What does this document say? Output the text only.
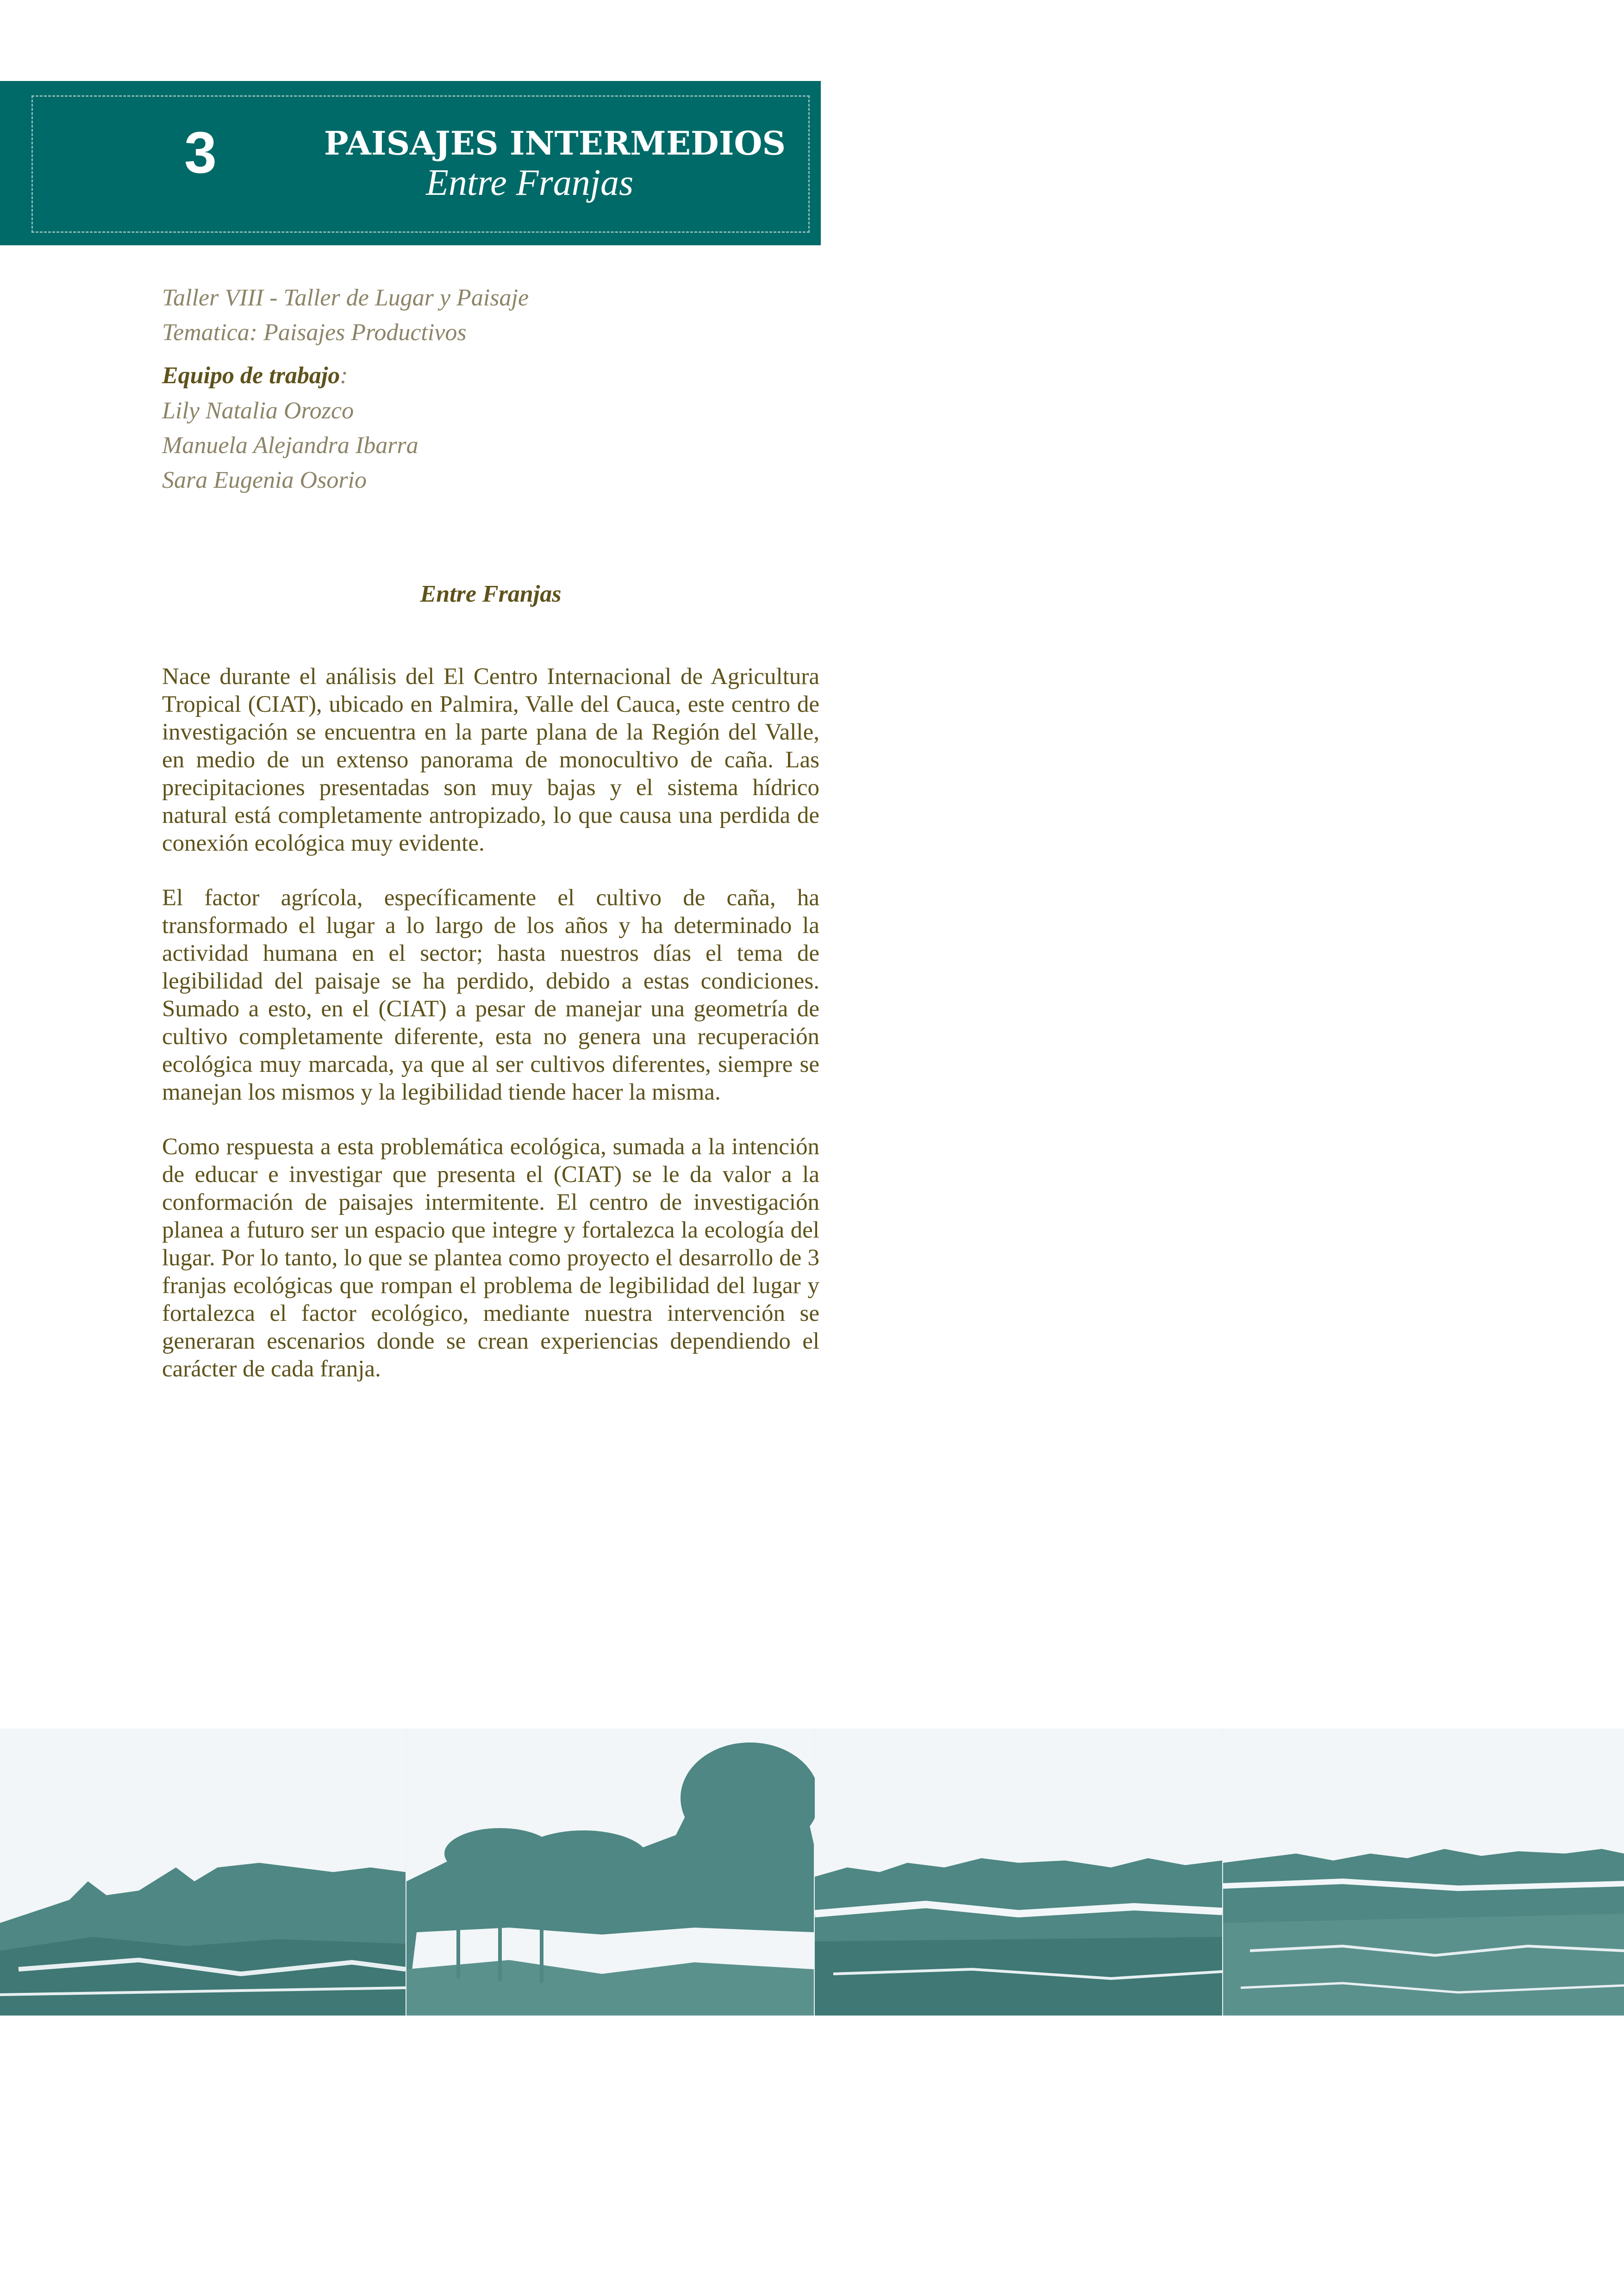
3	PAISAJES INTERMEDIOS
Entre Franjas
Taller VIII - Taller de Lugar y Paisaje
Tematica: Paisajes Productivos
Equipo de trabajo:
Lily Natalia Orozco
Manuela Alejandra Ibarra
Sara Eugenia Osorio
Entre Franjas

Nace durante el análisis del El Centro Internacional de Agricultura Tropical (CIAT), ubicado en Palmira, Valle del Cauca, este centro de investigación se encuentra en la parte plana de la Región del Valle, en medio de un extenso panorama de monocultivo de caña. Las precipitaciones presentadas son muy bajas y el sistema hídrico natural está completamente antropizado, lo que causa una perdida de conexión ecológica muy evidente.

El factor agrícola, específicamente el cultivo de caña, ha transformado el lugar a lo largo de los años y ha determinado la actividad humana en el sector; hasta nuestros días el tema de legibilidad del paisaje se ha perdido, debido a estas condiciones. Sumado a esto, en el (CIAT) a pesar de manejar una geometría de cultivo completamente diferente, esta no genera una recuperación ecológica muy marcada, ya que al ser cultivos diferentes, siempre se manejan los mismos y la legibilidad tiende hacer la misma.

Como respuesta a esta problemática ecológica, sumada a la intención de educar e investigar que presenta el (CIAT) se le da valor a la conformación de paisajes intermitente. El centro de investigación planea a futuro ser un espacio que integre y fortalezca la ecología del lugar. Por lo tanto, lo que se plantea como proyecto el desarrollo de 3 franjas ecológicas que rompan el problema de legibilidad del lugar y fortalezca el factor ecológico, mediante nuestra intervención se generaran escenarios donde se crean experiencias dependiendo el carácter de cada franja.
